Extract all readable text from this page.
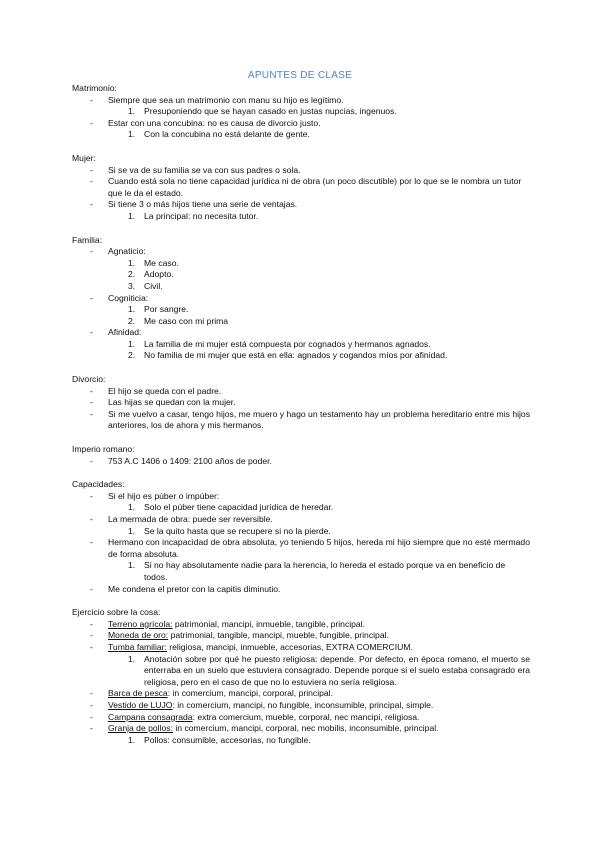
APUNTES DE CLASE
Matrimonio:
- Siempre que sea un matrimonio con manu su hijo es legítimo.
1. Presuponiendo que se hayan casado en justas nupcias, ingenuos.
- Estar con una concubina: no es causa de divorcio justo.
1. Con la concubina no está delante de gente.
Mujer:
- Si se va de su familia se va con sus padres o sola.
- Cuando está sola no tiene capacidad jurídica ni de obra (un poco discutible) por lo que se le nombra un tutor que le da el estado.
- Si tiene 3 o más hijos tiene una serie de ventajas.
1. La principal: no necesita tutor.
Familia:
- Agnaticio:
1. Me caso.
2. Adopto.
3. Civil.
- Cogniticia:
1. Por sangre.
2. Me caso con mi prima
- Afinidad:
1. La familia de mi mujer está compuesta por cognados y hermanos agnados.
2. No familia de mi mujer que está en ella: agnados y cogandos míos por afinidad.
Divorcio:
- El hijo se queda con el padre.
- Las hijas se quedan con la mujer.
- Si me vuelvo a casar, tengo hijos, me muero y hago un testamento hay un problema hereditario entre mis hijos anteriores, los de ahora y mis hermanos.
Imperio romano:
- 753 A.C 1406 o 1409: 2100 años de poder.
Capacidades:
- Si el hijo es púber o impúber:
1. Solo el púber tiene capacidad jurídica de heredar.
- La mermada de obra: puede ser reversible.
1. Se la quito hasta que se recupere si no la pierde.
- Hermano con incapacidad de obra absoluta, yo teniendo 5 hijos, hereda mi hijo siempre que no esté mermado de forma absoluta.
1. Si no hay absolutamente nadie para la herencia, lo hereda el estado porque va en beneficio de todos.
- Me condena el pretor con la capitis diminutio.
Ejercicio sobre la cosa:
- Terreno agrícola: patrimonial, mancipi, inmueble, tangible, principal.
- Moneda de oro: patrimonial, tangible, mancipi, mueble, fungible, principal.
- Tumba familiar: religiosa, mancipi, inmueble, accesorias, EXTRA COMERCIUM.
1. Anotación sobre por qué he puesto religiosa: depende. Por defecto, en época romano, el muerto se enterraba en un suelo que estuviera consagrado. Depende porque si el suelo estaba consagrado era religiosa, pero en el caso de que no lo estuviera no sería religiosa.
- Barca de pesca: in comercium, mancipi, corporal, principal.
- Vestido de LUJO: in comercium, mancipi, no fungible, inconsumible, principal, simple.
- Campana consagrada: extra comercium, mueble, corporal, nec mancipi, religiosa.
- Granja de pollos: in comercium, mancipi, corporal, nec mobilis, inconsumible, principal.
1. Pollos: consumible, accesorias, no fungible.
